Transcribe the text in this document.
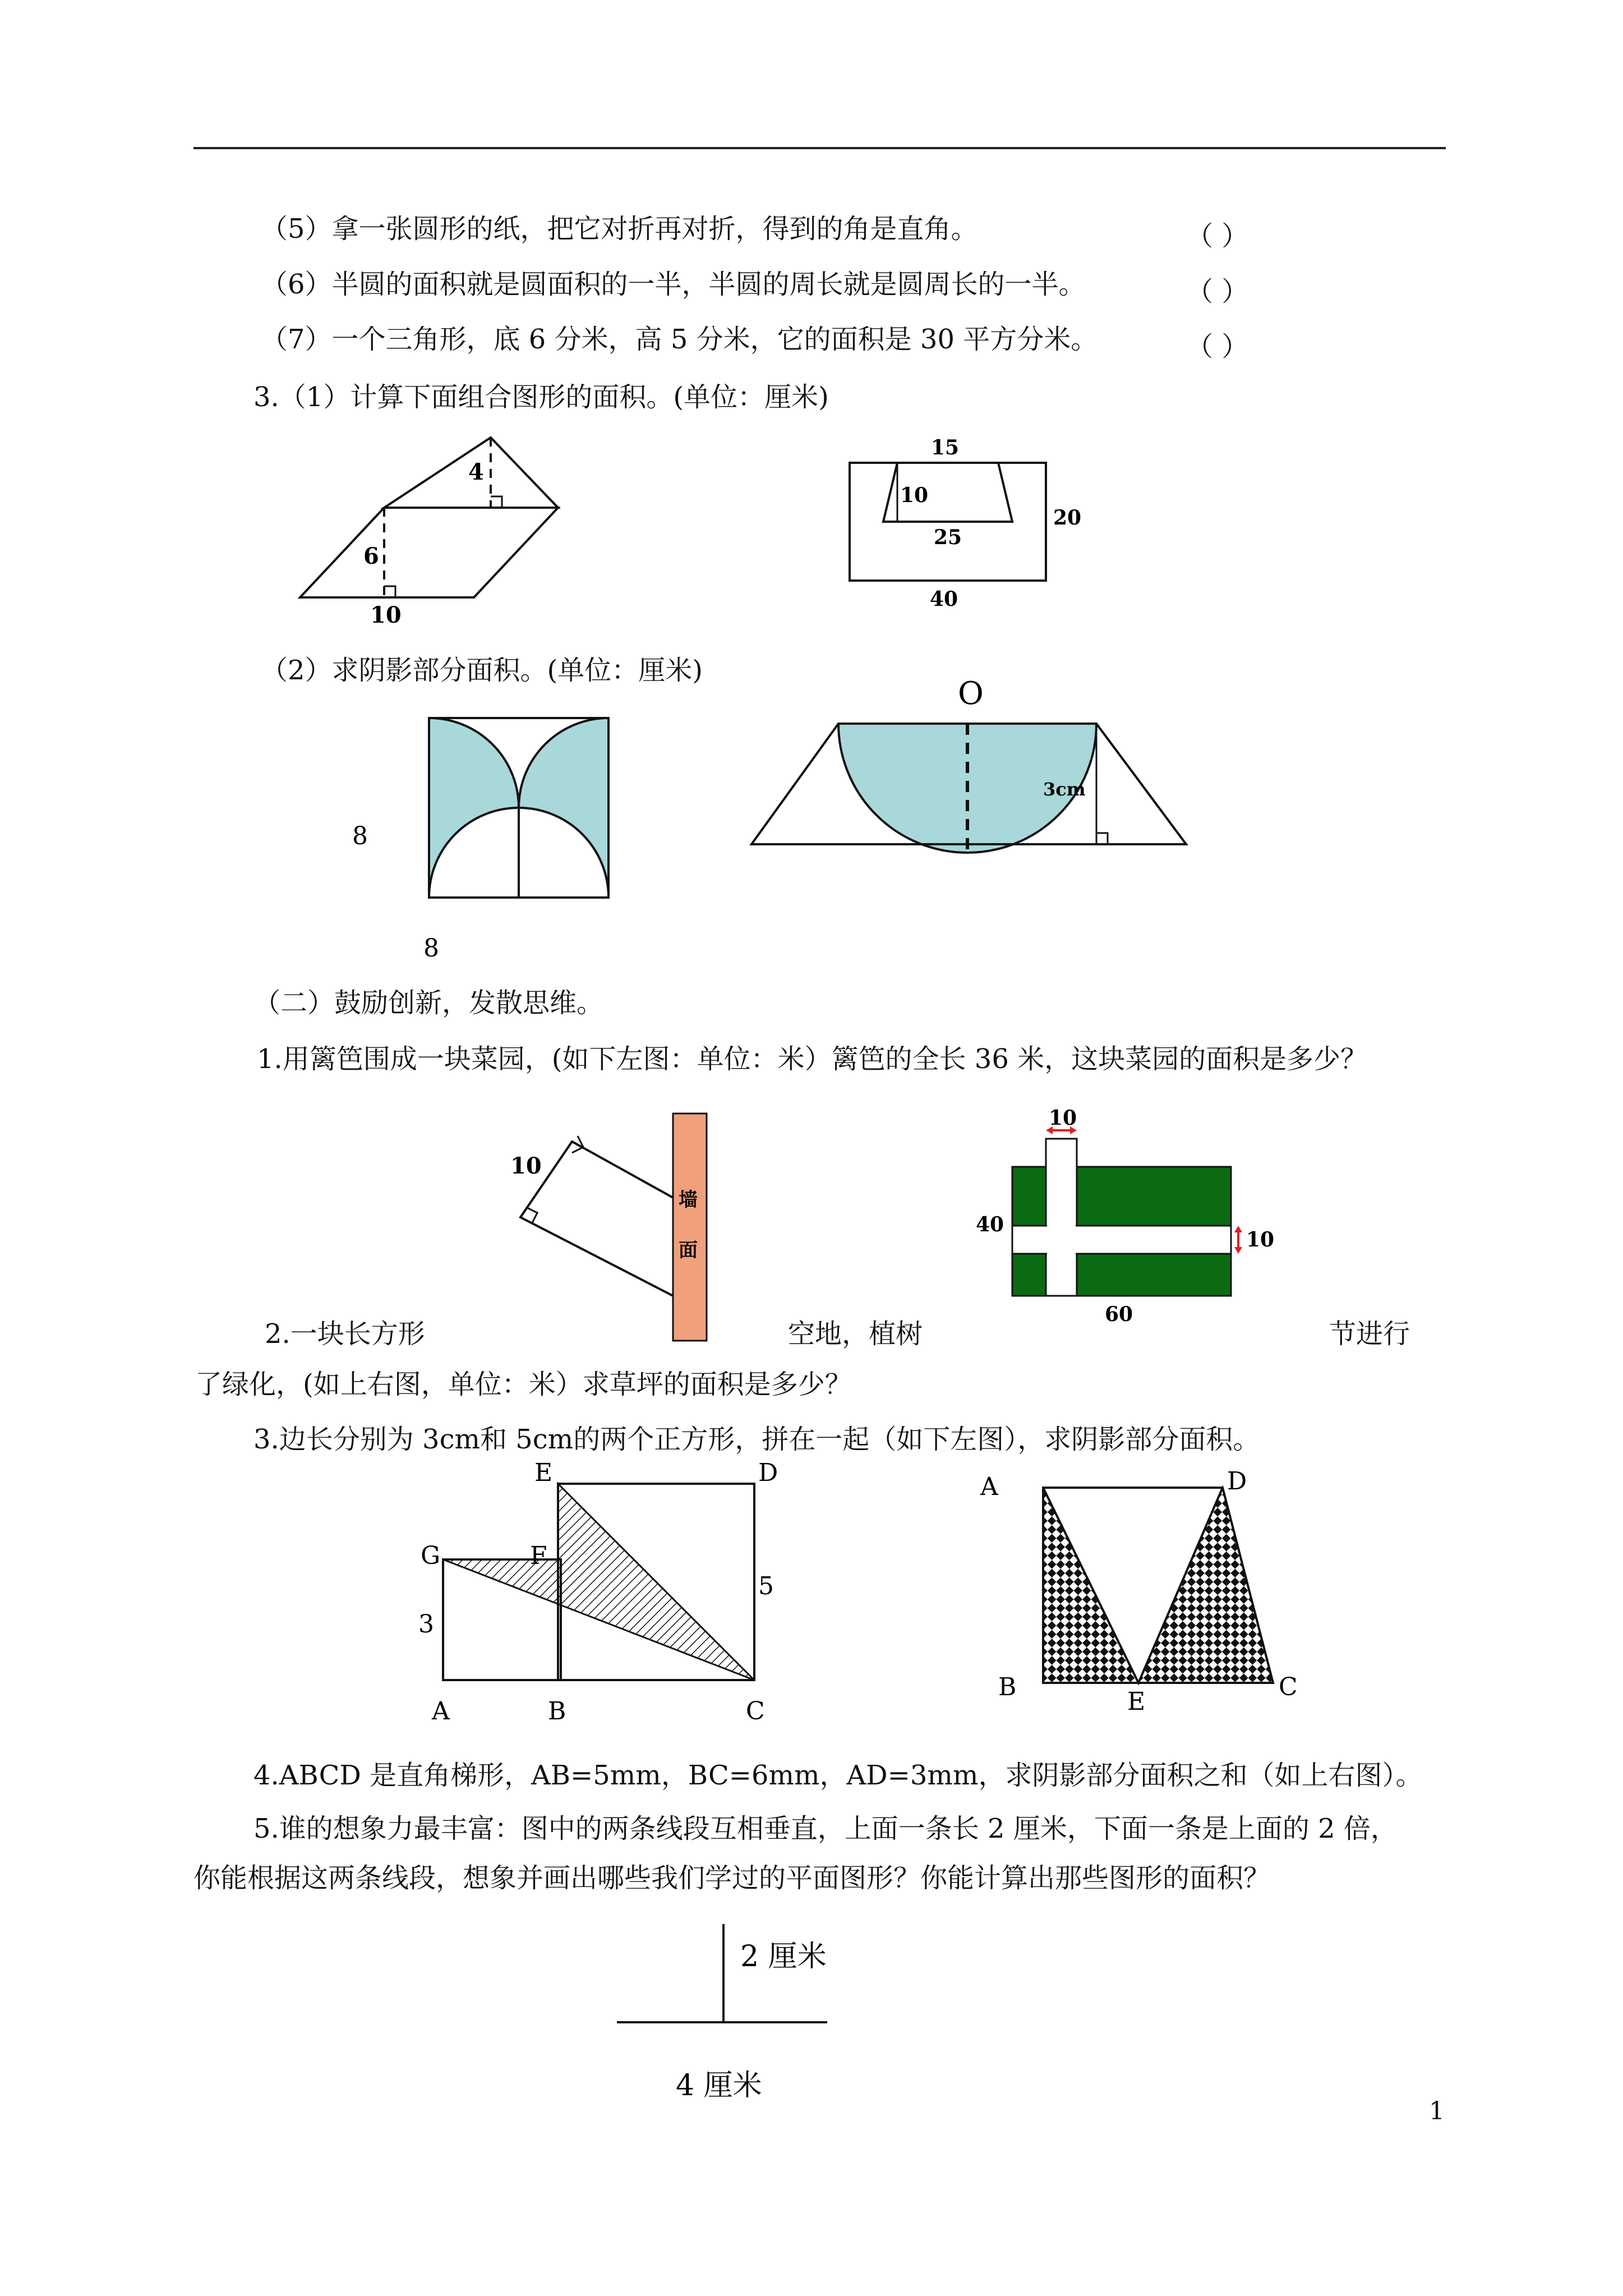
（5）拿一张圆形的纸，把它对折再对折，得到的角是直角。	（ ）
（6）半圆的面积就是圆面积的一半，半圆的周长就是圆周长的一半。	（ ）
（7）一个三角形，底 6 分米，高 5 分米，它的面积是 30 平方分米。	（ ）
3.（1）计算下面组合图形的面积。(单位：厘米)
4
6
10
15
10
25
20
40
（2）求阴影部分面积。(单位：厘米)
8
8
O
3cm
（二）鼓励创新，发散思维。
1.用篱笆围成一块菜园，(如下左图：单位：米）篱笆的全长 36 米，这块菜园的面积是多少？
10
墙
面
10
40
10
60
2.一块长方形	空地，植树	节进行
了绿化，(如上右图，单位：米）求草坪的面积是多少？
3.边长分别为 3cm和 5cm的两个正方形，拼在一起（如下左图），求阴影部分面积。
E	D
G	F
5
3
A	B	C
A	D
B
E
C
4.ABCD 是直角梯形，AB=5mm，BC=6mm，AD=3mm，求阴影部分面积之和（如上右图）。
5.谁的想象力最丰富：图中的两条线段互相垂直，上面一条长 2 厘米，下面一条是上面的 2 倍，
你能根据这两条线段，想象并画出哪些我们学过的平面图形？你能计算出那些图形的面积？
2 厘米
4 厘米
1
